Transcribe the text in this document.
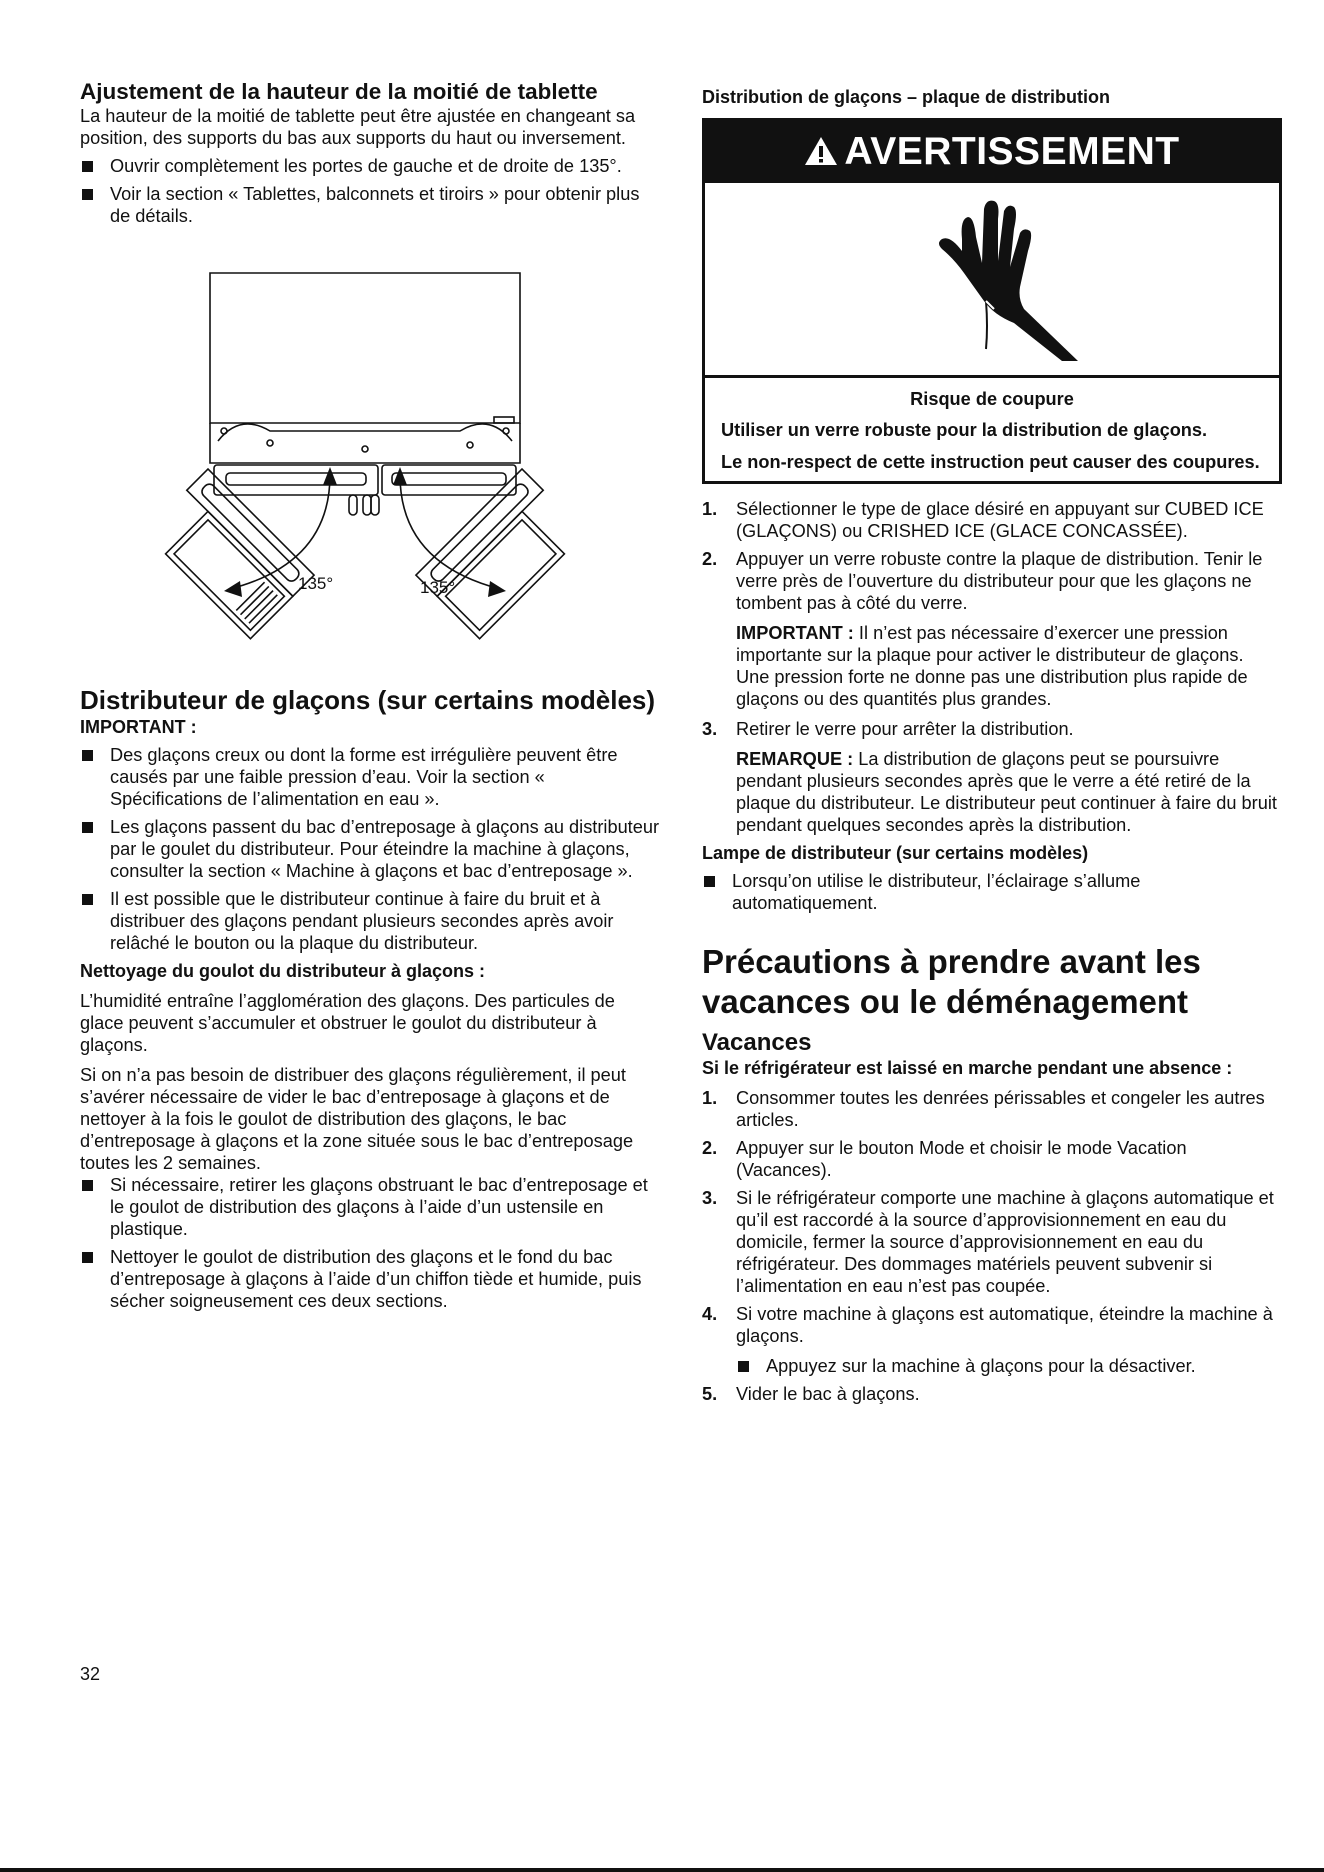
Ajustement de la hauteur de la moitié de tablette

La hauteur de la moitié de tablette peut être ajustée en changeant sa position, des supports du bas aux supports du haut ou inversement.

Ouvrir complètement les portes de gauche et de droite de 135°.
Voir la section « Tablettes, balconnets et tiroirs » pour obtenir plus de détails.
135°	135°
Distributeur de glaçons (sur certains modèles)
IMPORTANT :
Des glaçons creux ou dont la forme est irrégulière peuvent être causés par une faible pression d’eau. Voir la section « Spécifications de l’alimentation en eau ».
Les glaçons passent du bac d’entreposage à glaçons au distributeur par le goulet du distributeur. Pour éteindre la machine à glaçons, consulter la section « Machine à glaçons et bac d’entreposage ».
Il est possible que le distributeur continue à faire du bruit et à distribuer des glaçons pendant plusieurs secondes après avoir relâché le bouton ou la plaque du distributeur.
Nettoyage du goulot du distributeur à glaçons :

L’humidité entraîne l’agglomération des glaçons. Des particules de glace peuvent s’accumuler et obstruer le goulot du distributeur à glaçons.

Si on n’a pas besoin de distribuer des glaçons régulièrement, il peut s’avérer nécessaire de vider le bac d’entreposage à glaçons et de nettoyer à la fois le goulot de distribution des glaçons, le bac d’entreposage à glaçons et la zone située sous le bac d’entreposage toutes les 2 semaines.

Si nécessaire, retirer les glaçons obstruant le bac d’entreposage et le goulot de distribution des glaçons à l’aide d’un ustensile en plastique.
Nettoyer le goulot de distribution des glaçons et le fond du bac d’entreposage à glaçons à l’aide d’un chiffon tiède et humide, puis sécher soigneusement ces deux sections.
Distribution de glaçons – plaque de distribution
AVERTISSEMENT
Risque de coupure
Utiliser un verre robuste pour la distribution de glaçons.
Le non-respect de cette instruction peut causer des coupures.
1. Sélectionner le type de glace désiré en appuyant sur CUBED ICE (GLAÇONS) ou CRISHED ICE (GLACE CONCASSÉE).
2. Appuyer un verre robuste contre la plaque de distribution. Tenir le verre près de l’ouverture du distributeur pour que les glaçons ne tombent pas à côté du verre.
IMPORTANT : Il n’est pas nécessaire d’exercer une pression importante sur la plaque pour activer le distributeur de glaçons. Une pression forte ne donne pas une distribution plus rapide de glaçons ou des quantités plus grandes.
3. Retirer le verre pour arrêter la distribution.
REMARQUE : La distribution de glaçons peut se poursuivre pendant plusieurs secondes après que le verre a été retiré de la plaque du distributeur. Le distributeur peut continuer à faire du bruit pendant quelques secondes après la distribution.
Lampe de distributeur (sur certains modèles)
Lorsqu’on utilise le distributeur, l’éclairage s’allume automatiquement.
Précautions à prendre avant les vacances ou le déménagement
Vacances
Si le réfrigérateur est laissé en marche pendant une absence :
1. Consommer toutes les denrées périssables et congeler les autres articles.
2. Appuyer sur le bouton Mode et choisir le mode Vacation (Vacances).
3. Si le réfrigérateur comporte une machine à glaçons automatique et qu’il est raccordé à la source d’approvisionnement en eau du domicile, fermer la source d’approvisionnement en eau du réfrigérateur. Des dommages matériels peuvent subvenir si l’alimentation en eau n’est pas coupée.
4. Si votre machine à glaçons est automatique, éteindre la machine à glaçons.
Appuyez sur la machine à glaçons pour la désactiver.
5. Vider le bac à glaçons.
32
